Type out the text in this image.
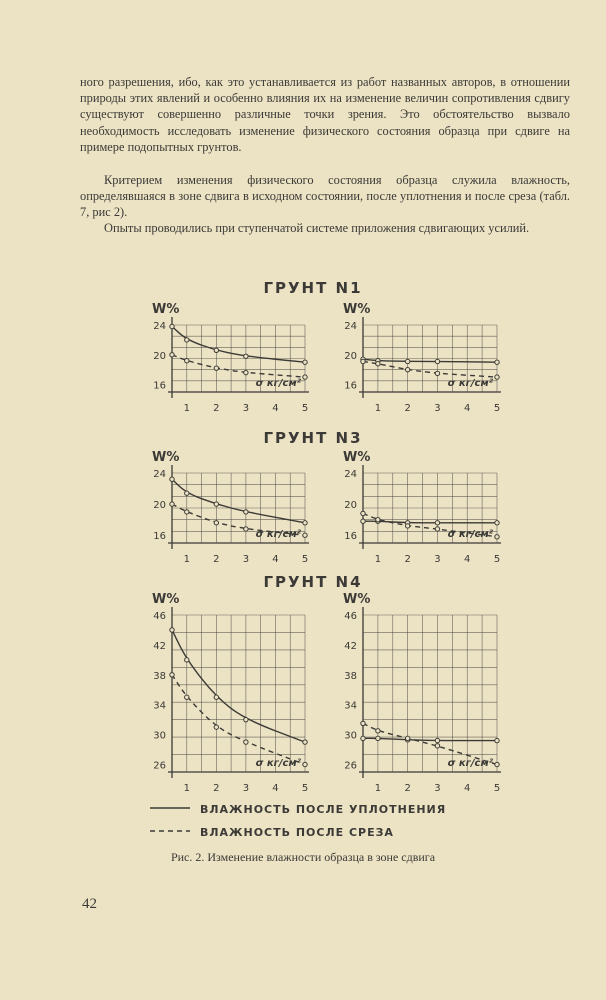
ного разрешения, ибо, как это устанавливается из работ названных авторов, в отношении природы этих явлений и особенно влияния их на изменение величин сопротивления сдвигу существуют совершенно различные точки зрения. Это обстоятельство вызвало необходимость исследовать изменение физического состояния образца при сдвиге на примере подопытных грунтов.

Критерием изменения физического состояния образца служила влажность, определявшаяся в зоне сдвига в исходном состоянии, после уплотнения и после среза (табл. 7, рис 2).

Опыты проводились при ступенчатой системе приложения сдвигающих усилий.

ГРУНТ N1
ГРУНТ N3
ГРУНТ N4
16
20
24
1 2 3 4 5
W%
σ кг/см²	16
20
24
1 2 3 4 5
W%
σ кг/см²
16
20
24
1 2 3 4 5
W%
σ кг/см²	16
20
24
1 2 3 4 5
W%
σ кг/см²
26
30
34
38
42
46
1 2 3 4 5
W%
σ кг/см²	26
30
34
38
42
46
1 2 3 4 5
W%
σ кг/см²
ВЛАЖНОСТЬ ПОСЛЕ УПЛОТНЕНИЯ
ВЛАЖНОСТЬ ПОСЛЕ СРЕЗА

Рис. 2. Изменение влажности образца в зоне сдвига

42
